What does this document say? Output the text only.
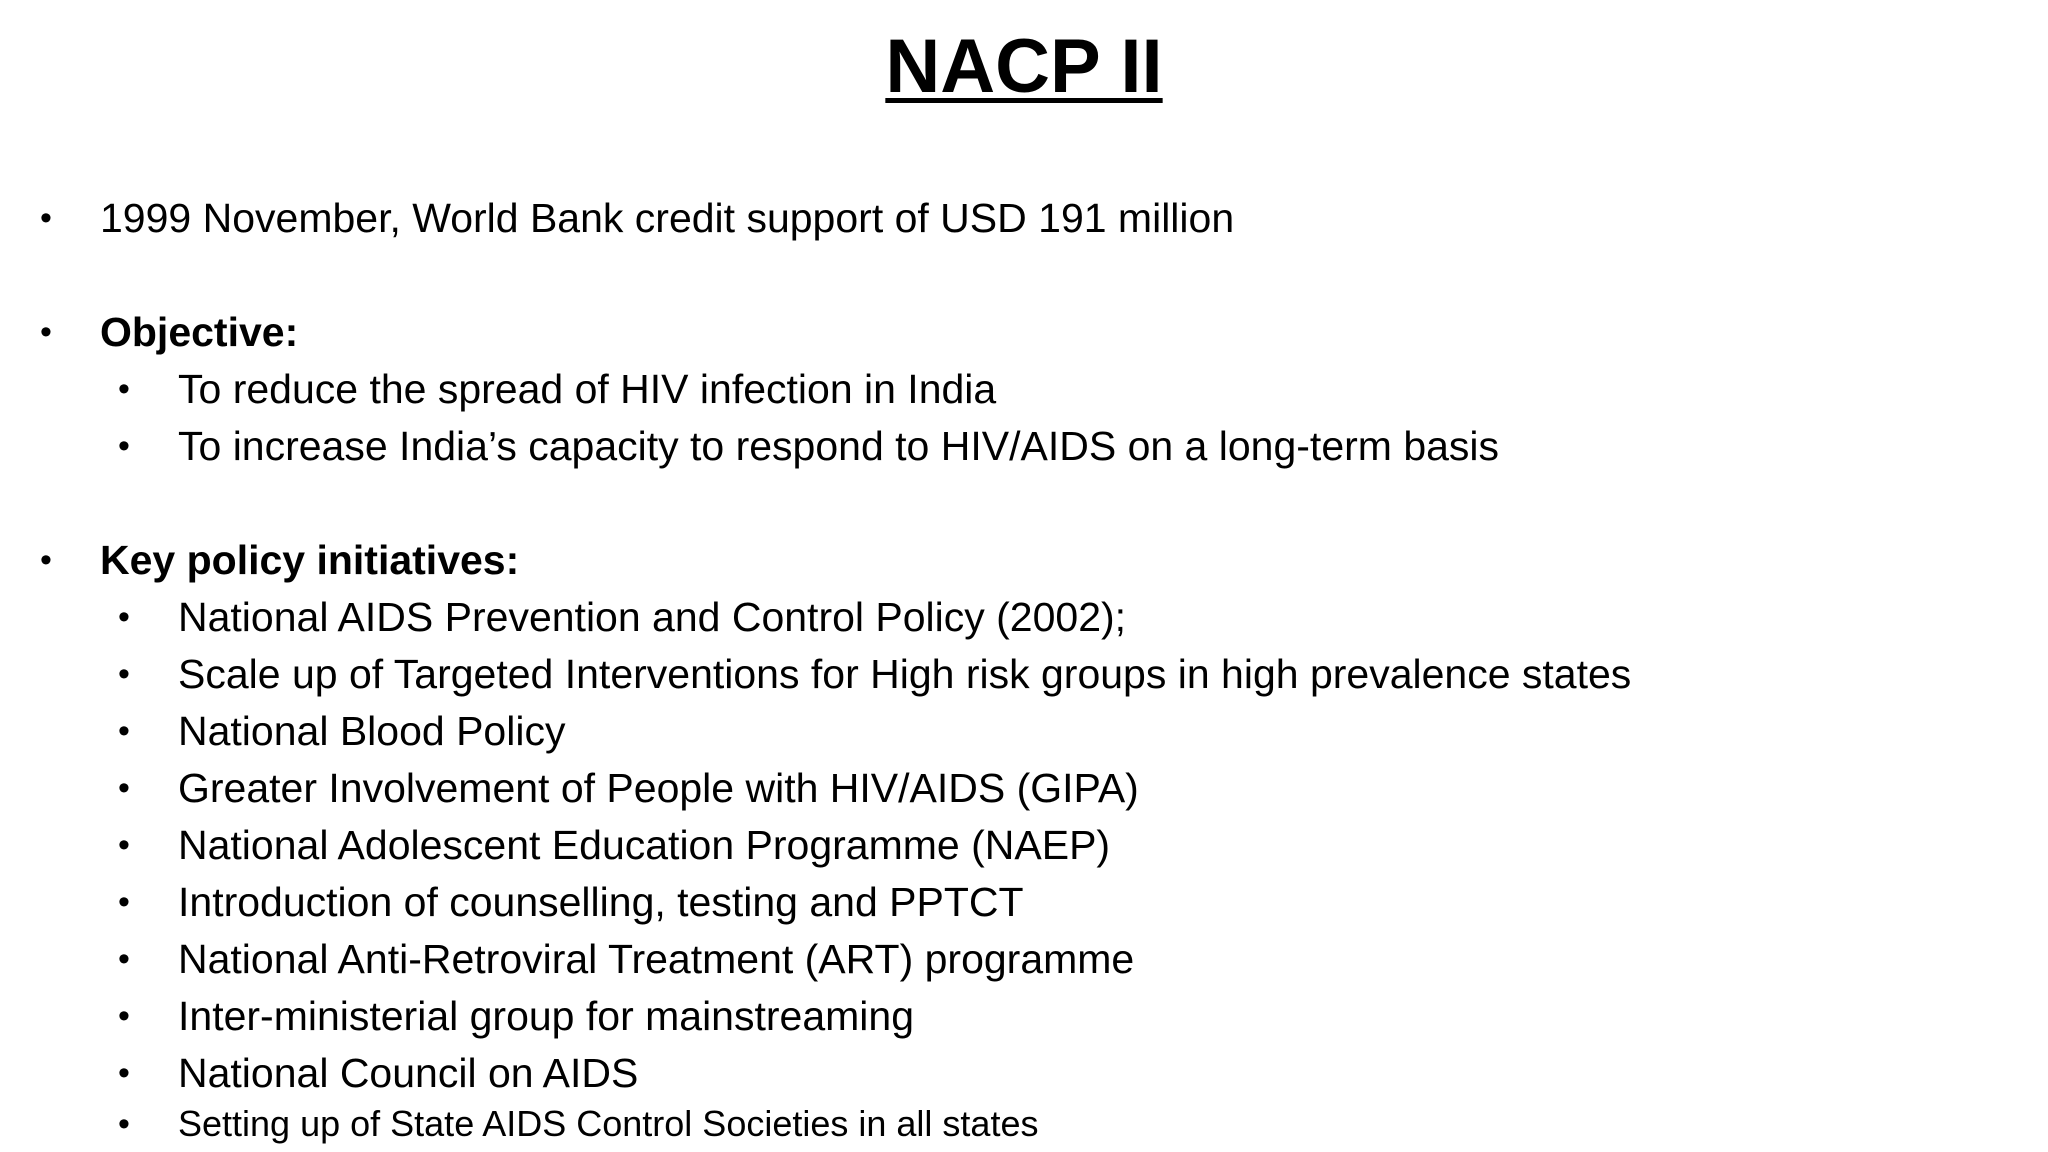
NACP II
• 1999 November, World Bank credit support of USD 191 million
• Objective:
• To reduce the spread of HIV infection in India
• To increase India’s capacity to respond to HIV/AIDS on a long-term basis
• Key policy initiatives:
• National AIDS Prevention and Control Policy (2002);
• Scale up of Targeted Interventions for High risk groups in high prevalence states
• National Blood Policy
• Greater Involvement of People with HIV/AIDS (GIPA)
• National Adolescent Education Programme (NAEP)
• Introduction of counselling, testing and PPTCT
• National Anti-Retroviral Treatment (ART) programme
• Inter-ministerial group for mainstreaming
• National Council on AIDS
• Setting up of State AIDS Control Societies in all states
